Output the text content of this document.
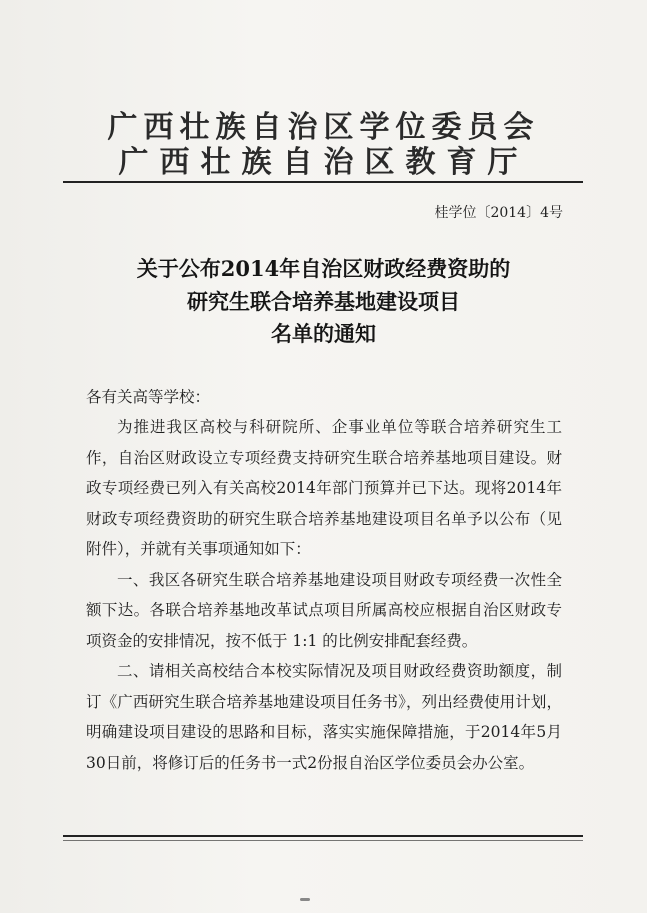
广西壮族自治区学位委员会
广西壮族自治区教育厅
桂学位〔2014〕4号
关于公布2014年自治区财政经费资助的
研究生联合培养基地建设项目
名单的通知
各有关高等学校：

为推进我区高校与科研院所、企事业单位等联合培养研究生工作，自治区财政设立专项经费支持研究生联合培养基地项目建设。财政专项经费已列入有关高校2014年部门预算并已下达。现将2014年财政专项经费资助的研究生联合培养基地建设项目名单予以公布（见附件），并就有关事项通知如下：

一、我区各研究生联合培养基地建设项目财政专项经费一次性全额下达。各联合培养基地改革试点项目所属高校应根据自治区财政专项资金的安排情况，按不低于 1:1 的比例安排配套经费。

二、请相关高校结合本校实际情况及项目财政经费资助额度，制订《广西研究生联合培养基地建设项目任务书》，列出经费使用计划，明确建设项目建设的思路和目标，落实实施保障措施，于2014年5月30日前，将修订后的任务书一式2份报自治区学位委员会办公室。
